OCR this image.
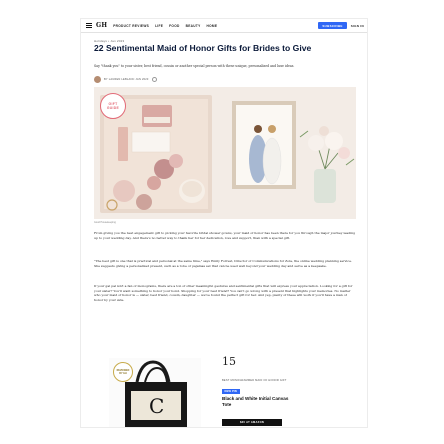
GH PRODUCT REVIEWS LIFE FOOD BEAUTY HOME	SUBSCRIBE	SIGN IN
Holidays • Jan 2023
22 Sentimental Maid of Honor Gifts for Brides to Give

Say "thank you" to your sister, best friend, cousin or another special person with these unique, personalized and luxe ideas.

BY LAUREN LEBLANC JAN 2023
GIFT GUIDE
Good Housekeeping

From giving you the best engagement gift to picking your favorite bridal shower gowns, your maid of honor has been there for you through the major journey leading up to your wedding day. And there's no better way to thank her for her dedication, love and support, than with a special gift.

"The best gift is one that is practical and personal at the same time," says Emily Forrest, Director of Communications for Zola, the online wedding planning service. She suggests giving a personalized present, such as a robe or pajamas set that can be used well beyond your wedding day and serve as a keepsake.

If your gal pal isn't a fan of monograms, there are a ton of other meaningful gestures and sentimental gifts that will express your appreciation. Looking for a gift for your sister? You'll want something to honor your bond. Shopping for your best friend? You can't go wrong with a present that highlights your memories. No matter who your maid of honor is — sister, best friend, cousin, daughter — we've found the perfect gift for her. And yep, plenty of these will work if you'll have a man of honor by your side.

C
REVIEWED BY GH
15
BEST MONOGRAMMED MAID OF HONOR GIFT
NEW PIN
Black and White Initial Canvas Tote
$30 AT AMAZON
